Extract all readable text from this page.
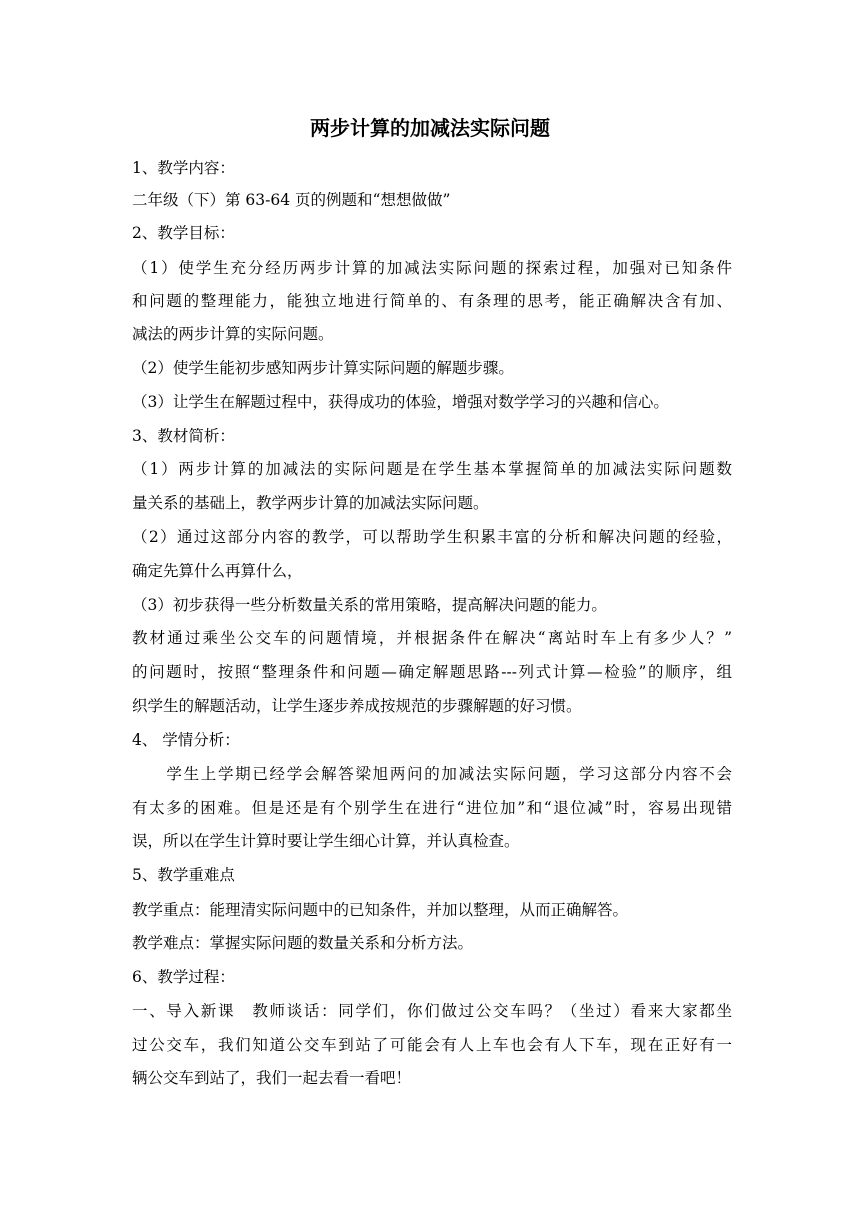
两步计算的加减法实际问题
1、教学内容：
二年级（下）第 63-64 页的例题和“想想做做”
2、教学目标：
（1）使学生充分经历两步计算的加减法实际问题的探索过程，加强对已知条件
和问题的整理能力，能独立地进行简单的、有条理的思考，能正确解决含有加、
减法的两步计算的实际问题。
（2）使学生能初步感知两步计算实际问题的解题步骤。
（3）让学生在解题过程中，获得成功的体验，增强对数学学习的兴趣和信心。
3、教材简析：
（1）两步计算的加减法的实际问题是在学生基本掌握简单的加减法实际问题数
量关系的基础上，教学两步计算的加减法实际问题。
（2）通过这部分内容的教学，可以帮助学生积累丰富的分析和解决问题的经验，
确定先算什么再算什么，
（3）初步获得一些分析数量关系的常用策略，提高解决问题的能力。
教材通过乘坐公交车的问题情境，并根据条件在解决“离站时车上有多少人？”
的问题时，按照“整理条件和问题—确定解题思路---列式计算—检验”的顺序，组
织学生的解题活动，让学生逐步养成按规范的步骤解题的好习惯。
4、 学情分析：
　　学生上学期已经学会解答梁旭两问的加减法实际问题，学习这部分内容不会
有太多的困难。但是还是有个别学生在进行“进位加”和“退位减”时，容易出现错
误，所以在学生计算时要让学生细心计算，并认真检查。
5、教学重难点
教学重点：能理清实际问题中的已知条件，并加以整理，从而正确解答。
教学难点：掌握实际问题的数量关系和分析方法。
6、教学过程：
一、导入新课　教师谈话：同学们，你们做过公交车吗？（坐过）看来大家都坐
过公交车，我们知道公交车到站了可能会有人上车也会有人下车，现在正好有一
辆公交车到站了，我们一起去看一看吧！
